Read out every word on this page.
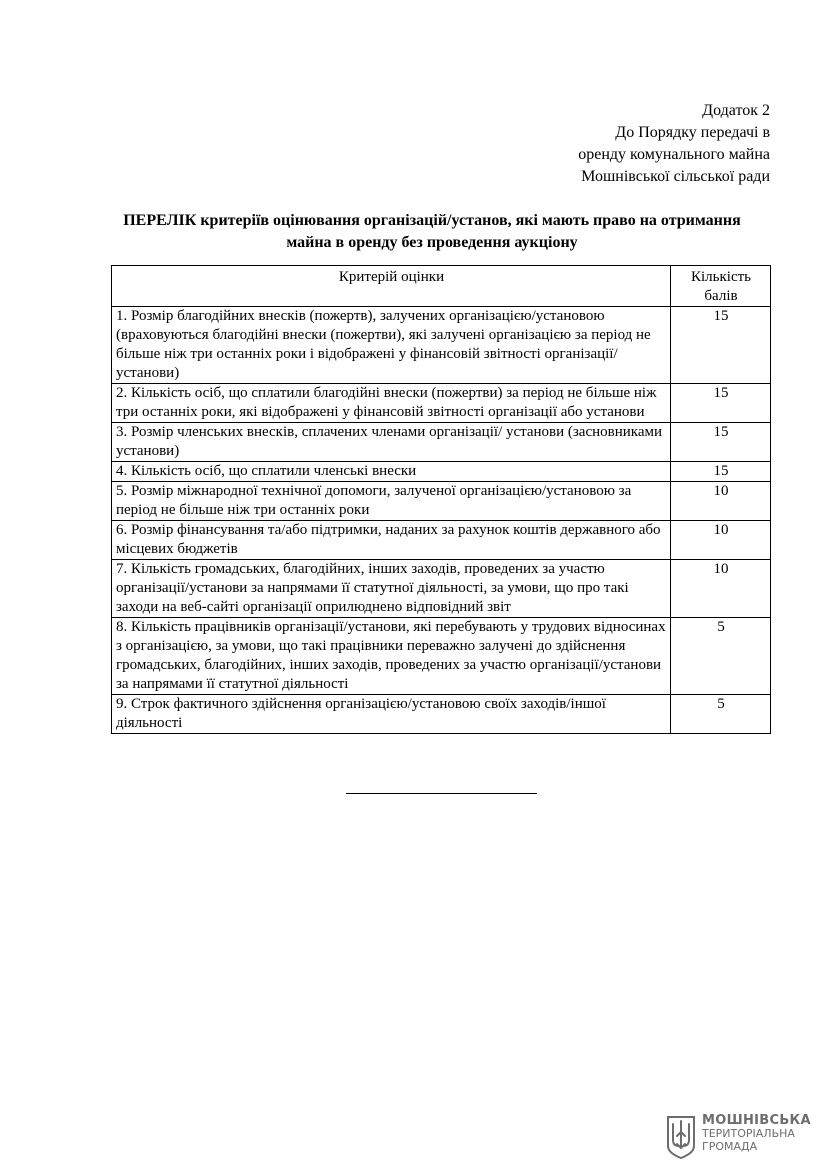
Додаток 2
До Порядку передачі в
оренду комунального майна
Мошнівської сільської ради
ПЕРЕЛІК критеріїв оцінювання організацій/установ, які мають право на отримання майна в оренду без проведення аукціону
Критерій оцінки	Кількість балів
1. Розмір благодійних внесків (пожертв), залучених організацією/установою (враховуються благодійні внески (пожертви), які залучені організацією за період не більше ніж три останніх роки і відображені у фінансовій звітності організації/установи)	15
2. Кількість осіб, що сплатили благодійні внески (пожертви) за період не більше ніж три останніх роки, які відображені у фінансовій звітності організації або установи	15
3. Розмір членських внесків, сплачених членами організації/ установи (засновниками установи)	15
4. Кількість осіб, що сплатили членські внески	15
5. Розмір міжнародної технічної допомоги, залученої організацією/установою за період не більше ніж три останніх роки	10
6. Розмір фінансування та/або підтримки, наданих за рахунок коштів державного або місцевих бюджетів	10
7. Кількість громадських, благодійних, інших заходів, проведених за участю організації/установи за напрямами її статутної діяльності, за умови, що про такі заходи на веб-сайті організації оприлюднено відповідний звіт	10
8. Кількість працівників організації/установи, які перебувають у трудових відносинах з організацією, за умови, що такі працівники переважно залучені до здійснення громадських, благодійних, інших заходів, проведених за участю організації/установи за напрямами її статутної діяльності	5
9. Строк фактичного здійснення організацією/установою своїх заходів/іншої діяльності	5
МОШНІВСЬКА
ТЕРИТОРІАЛЬНА
ГРОМАДА
